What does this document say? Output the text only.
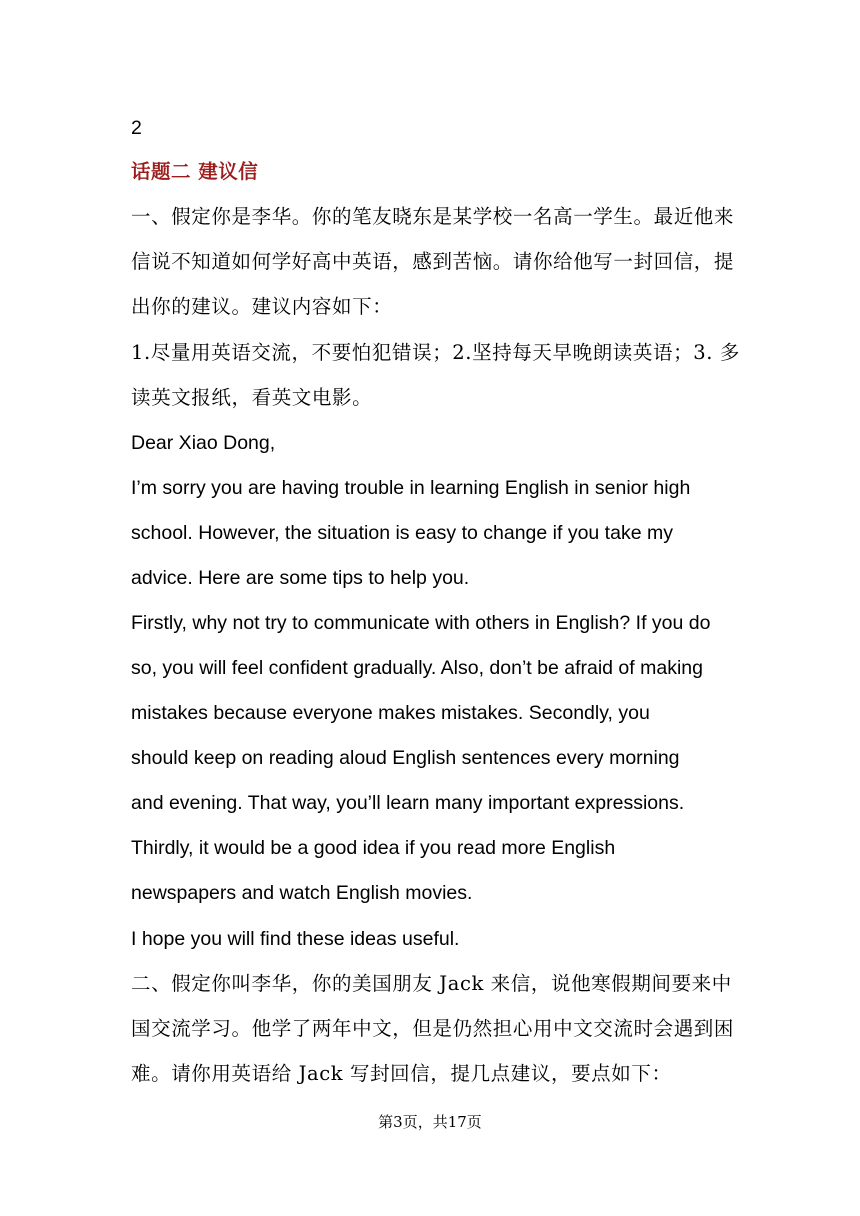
2
话题二 建议信
一、假定你是李华。你的笔友晓东是某学校一名高一学生。最近他来
信说不知道如何学好高中英语，感到苦恼。请你给他写一封回信，提
出你的建议。建议内容如下：
1.尽量用英语交流，不要怕犯错误；2.坚持每天早晚朗读英语；3. 多
读英文报纸，看英文电影。
Dear Xiao Dong,
I’m sorry you are having trouble in learning English in senior high
school. However, the situation is easy to change if you take my
advice. Here are some tips to help you.
Firstly, why not try to communicate with others in English? If you do
so, you will feel confident gradually. Also, don’t be afraid of making
mistakes because everyone makes mistakes. Secondly, you
should keep on reading aloud English sentences every morning
and evening. That way, you’ll learn many important expressions.
Thirdly, it would be a good idea if you read more English
newspapers and watch English movies.
I hope you will find these ideas useful.
二、假定你叫李华，你的美国朋友 Jack 来信，说他寒假期间要来中
国交流学习。他学了两年中文，但是仍然担心用中文交流时会遇到困
难。请你用英语给 Jack 写封回信，提几点建议，要点如下：
第3页，共17页
